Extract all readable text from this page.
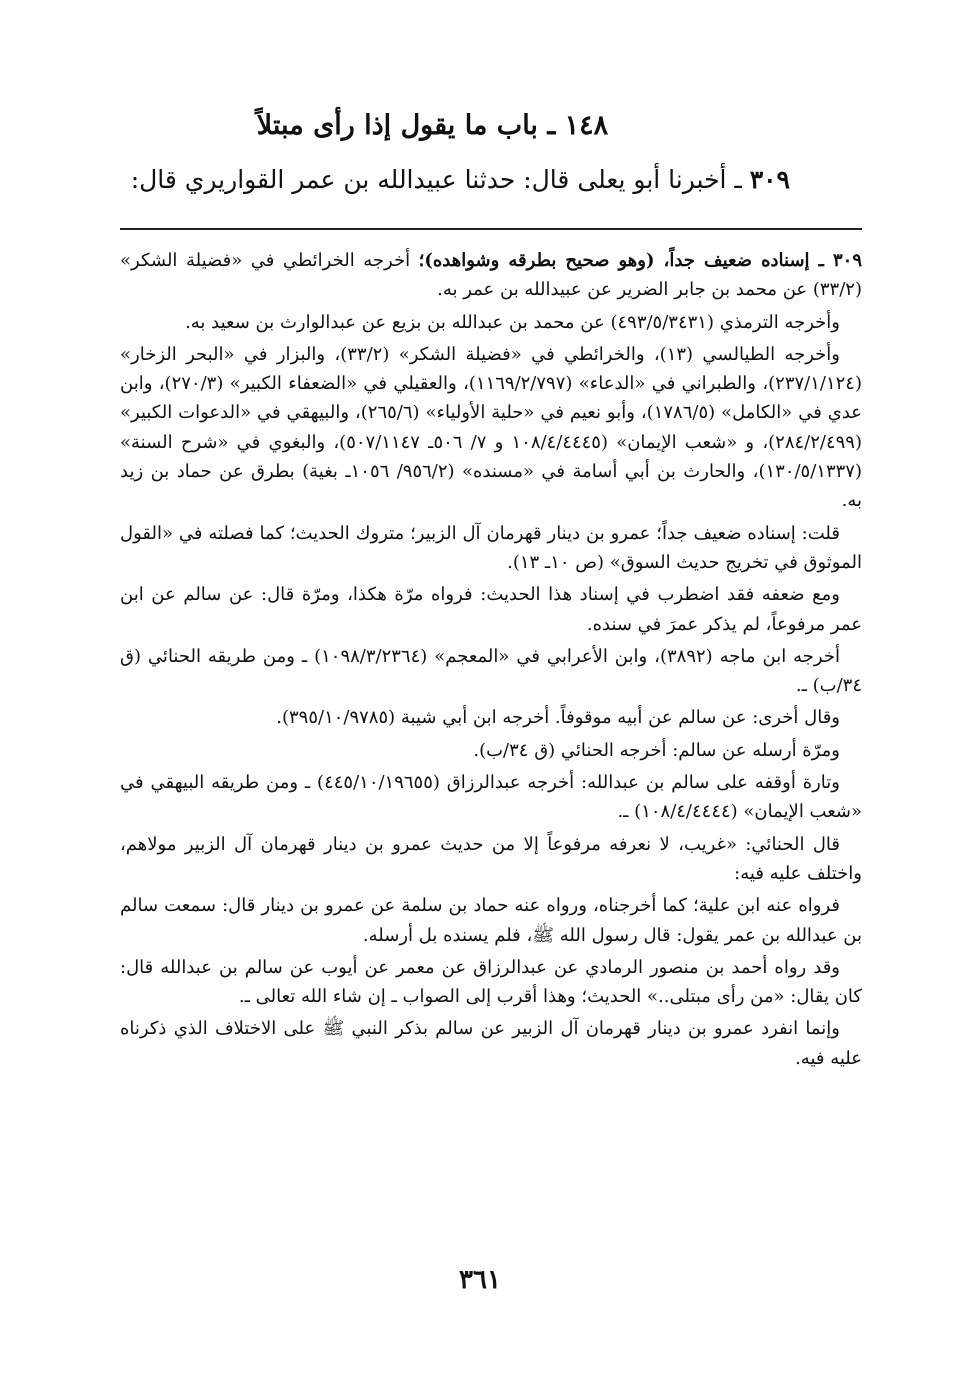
١٤٨ ـ باب ما يقول إذا رأى مبتلاً
٣٠٩ ـ أخبرنا أبو يعلى قال: حدثنا عبيدالله بن عمر القواريري قال:

٣٠٩ ـ إسناده ضعيف جداً، (وهو صحيح بطرقه وشواهده)؛ أخرجه الخرائطي في «فضيلة الشكر» (٣٣/٢) عن محمد بن جابر الضرير عن عبيدالله بن عمر به.

وأخرجه الترمذي (٤٩٣/٥/٣٤٣١) عن محمد بن عبدالله بن بزيع عن عبدالوارث بن سعيد به.

وأخرجه الطيالسي (١٣)، والخرائطي في «فضيلة الشكر» (٣٣/٢)، والبزار في «البحر الزخار» (٢٣٧/١/١٢٤)، والطبراني في «الدعاء» (١١٦٩/٢/٧٩٧)، والعقيلي في «الضعفاء الكبير» (٢٧٠/٣)، وابن عدي في «الكامل» (١٧٨٦/٥)، وأبو نعيم في «حلية الأولياء» (٢٦٥/٦)، والبيهقي في «الدعوات الكبير» (٢٨٤/٢/٤٩٩)، و «شعب الإيمان» (١٠٨/٤/٤٤٤٥ و ٧/ ٥٠٦ـ ٥٠٧/١١٤٧)، والبغوي في «شرح السنة» (١٣٠/٥/١٣٣٧)، والحارث بن أبي أسامة في «مسنده» (٩٥٦/٢/ ١٠٥٦ـ بغية) بطرق عن حماد بن زيد به.

قلت: إسناده ضعيف جداً؛ عمرو بن دينار قهرمان آل الزبير؛ متروك الحديث؛ كما فصلته في «القول الموثوق في تخريج حديث السوق» (ص ١٠ـ ١٣).

ومع ضعفه فقد اضطرب في إسناد هذا الحديث: فرواه مرّة هكذا، ومرّة قال: عن سالم عن ابن عمر مرفوعاً، لم يذكر عمرَ في سنده.

أخرجه ابن ماجه (٣٨٩٢)، وابن الأعرابي في «المعجم» (١٠٩٨/٣/٢٣٦٤) ـ ومن طريقه الحنائي (ق ٣٤/ب) ـ.

وقال أخرى: عن سالم عن أبيه موقوفاً. أخرجه ابن أبي شيبة (٣٩٥/١٠/٩٧٨٥).

ومرّة أرسله عن سالم: أخرجه الحنائي (ق ٣٤/ب).

وتارة أوقفه على سالم بن عبدالله: أخرجه عبدالرزاق (٤٤٥/١٠/١٩٦٥٥) ـ ومن طريقه البيهقي في «شعب الإيمان» (١٠٨/٤/٤٤٤٤) ـ.

قال الحنائي: «غريب، لا نعرفه مرفوعاً إلا من حديث عمرو بن دينار قهرمان آل الزبير مولاهم، واختلف عليه فيه:

فرواه عنه ابن علية؛ كما أخرجناه، ورواه عنه حماد بن سلمة عن عمرو بن دينار قال: سمعت سالم بن عبدالله بن عمر يقول: قال رسول الله ﷺ، فلم يسنده بل أرسله.

وقد رواه أحمد بن منصور الرمادي عن عبدالرزاق عن معمر عن أيوب عن سالم بن عبدالله قال: كان يقال: «من رأى مبتلى..» الحديث؛ وهذا أقرب إلى الصواب ـ إن شاء الله تعالى ـ.

وإنما انفرد عمرو بن دينار قهرمان آل الزبير عن سالم بذكر النبي ﷺ على الاختلاف الذي ذكرناه عليه فيه.

٣٦١
